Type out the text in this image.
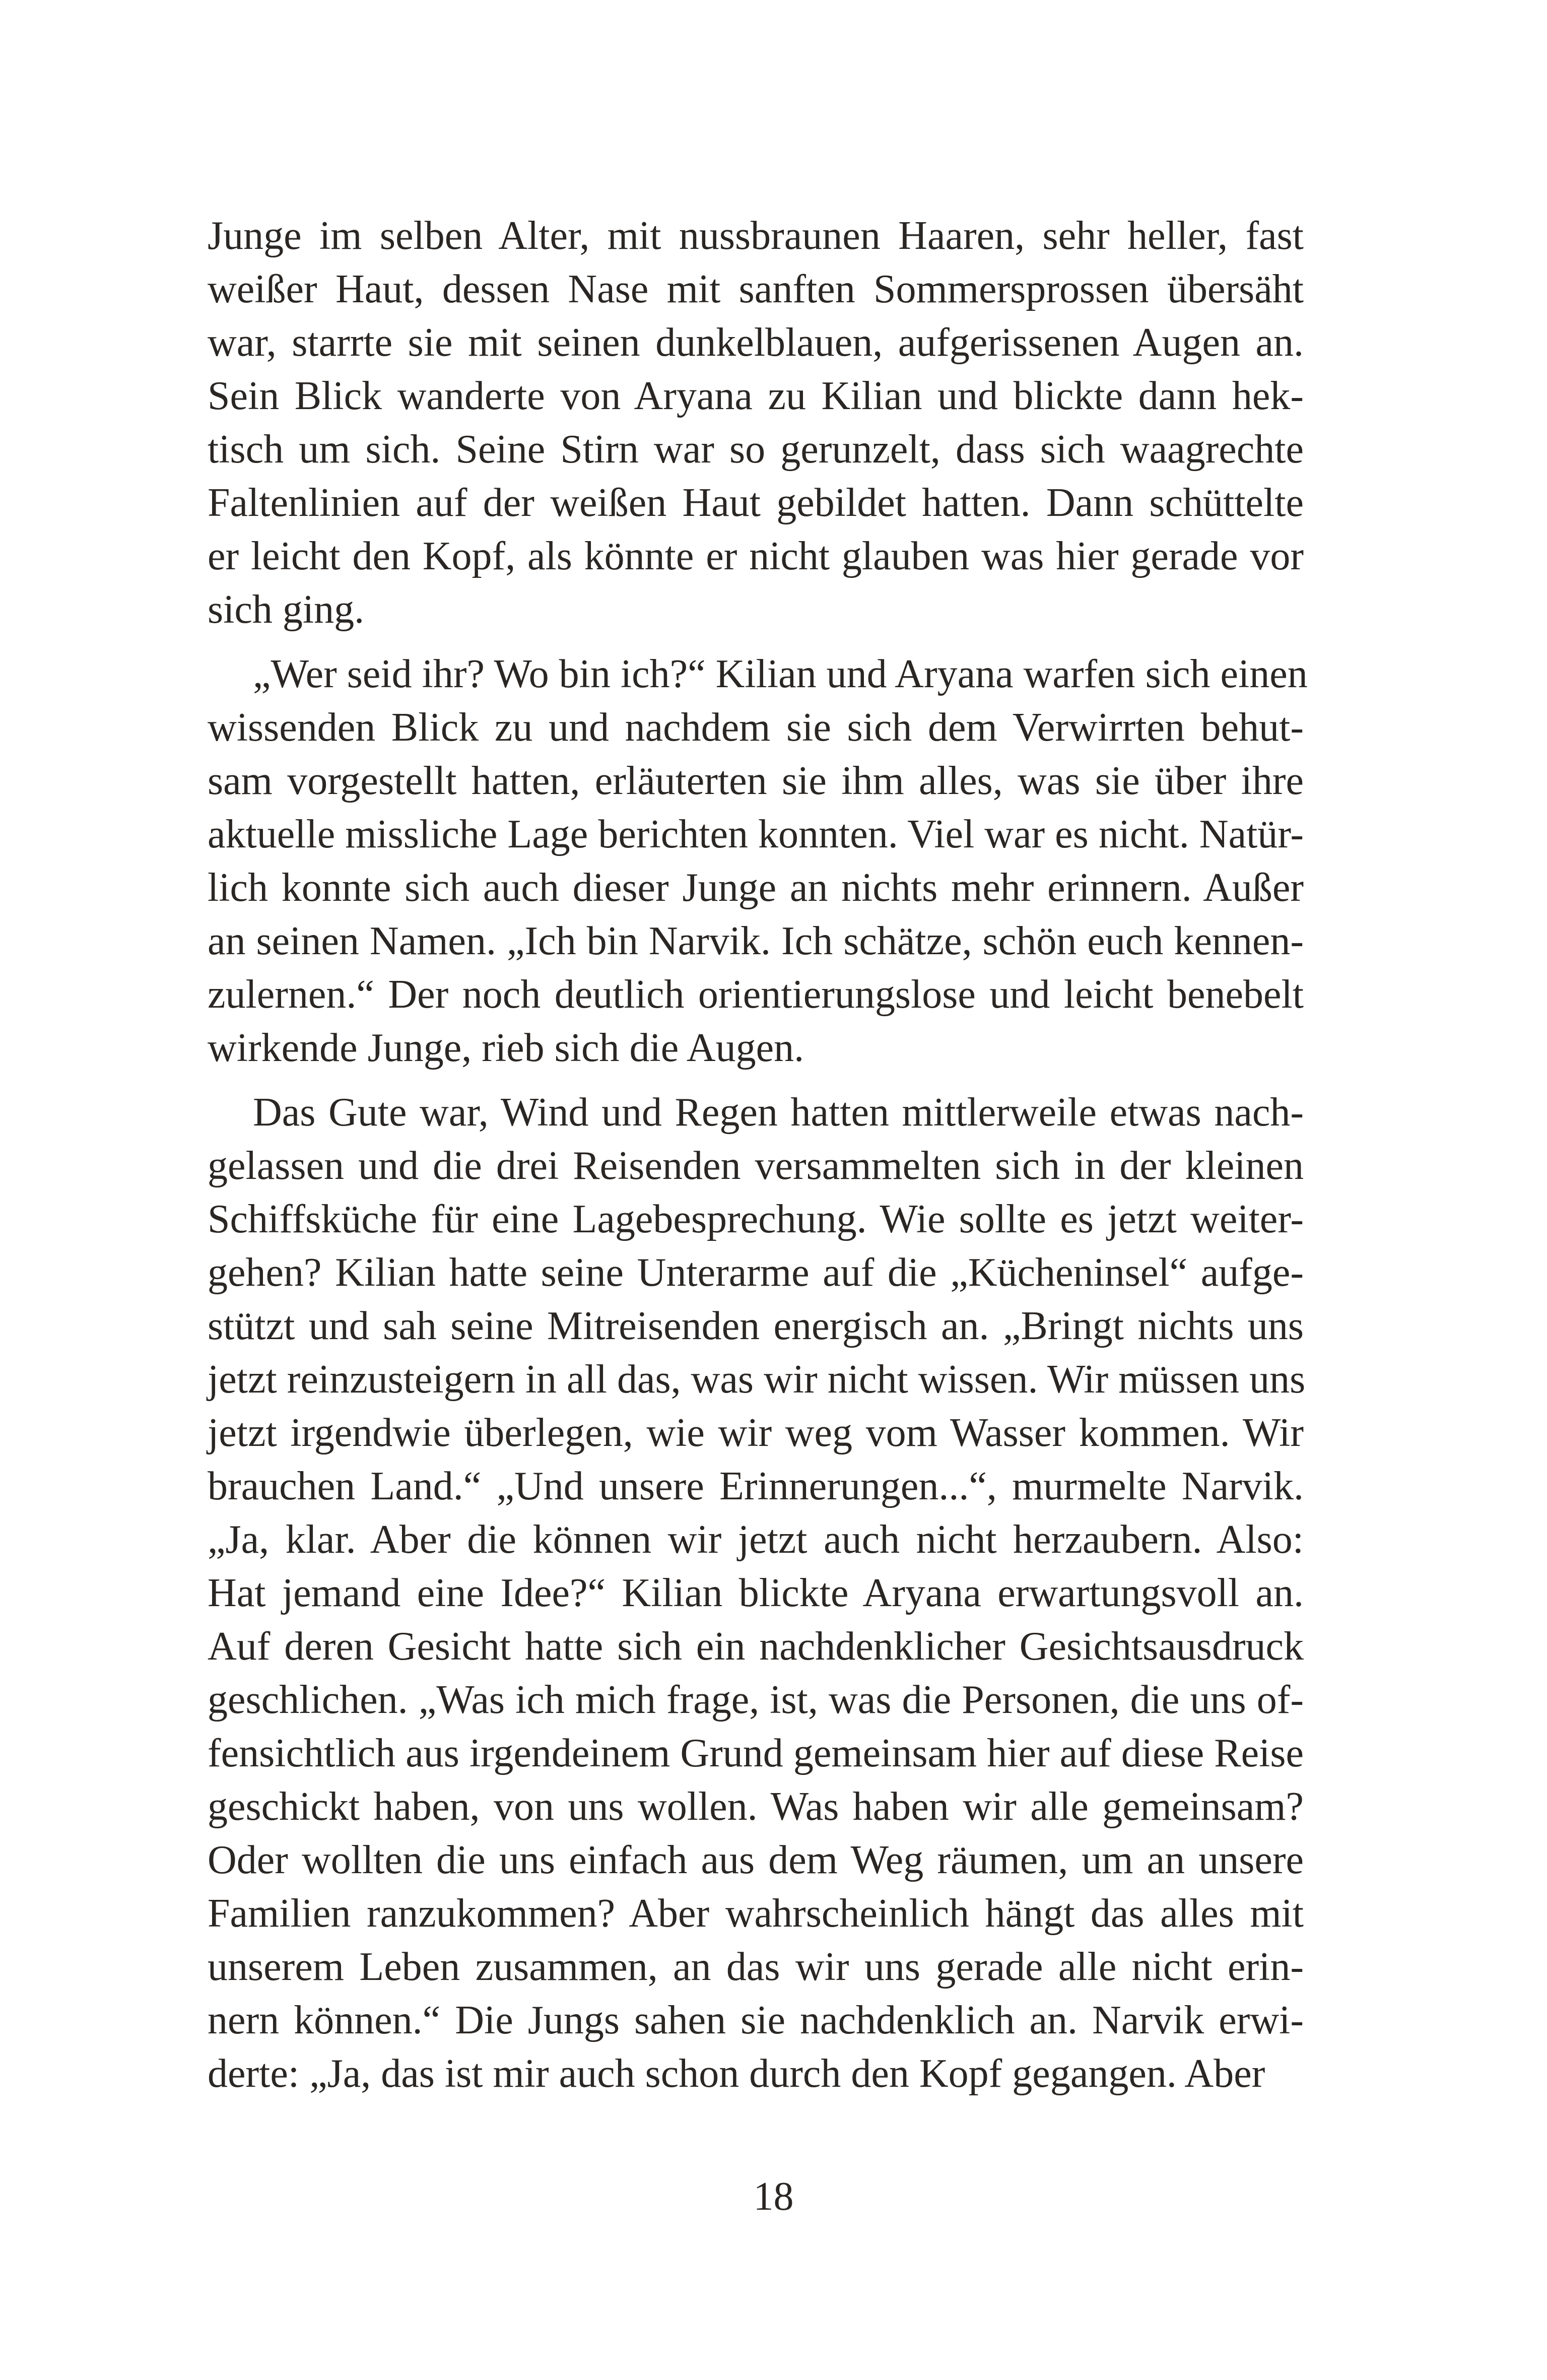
Junge im selben Alter, mit nussbraunen Haaren, sehr heller, fast
weißer Haut, dessen Nase mit sanften Sommersprossen übersäht
war, starrte sie mit seinen dunkelblauen, aufgerissenen Augen an.
Sein Blick wanderte von Aryana zu Kilian und blickte dann hek-
tisch um sich. Seine Stirn war so gerunzelt, dass sich waagrechte
Faltenlinien auf der weißen Haut gebildet hatten. Dann schüttelte
er leicht den Kopf, als könnte er nicht glauben was hier gerade vor
sich ging.
„Wer seid ihr? Wo bin ich?“ Kilian und Aryana warfen sich einen
wissenden Blick zu und nachdem sie sich dem Verwirrten behut-
sam vorgestellt hatten, erläuterten sie ihm alles, was sie über ihre
aktuelle missliche Lage berichten konnten. Viel war es nicht. Natür-
lich konnte sich auch dieser Junge an nichts mehr erinnern. Außer
an seinen Namen. „Ich bin Narvik. Ich schätze, schön euch kennen-
zulernen.“ Der noch deutlich orientierungslose und leicht benebelt
wirkende Junge, rieb sich die Augen.
Das Gute war, Wind und Regen hatten mittlerweile etwas nach-
gelassen und die drei Reisenden versammelten sich in der kleinen
Schiffsküche für eine Lagebesprechung. Wie sollte es jetzt weiter-
gehen? Kilian hatte seine Unterarme auf die „Kücheninsel“ aufge-
stützt und sah seine Mitreisenden energisch an. „Bringt nichts uns
jetzt reinzusteigern in all das, was wir nicht wissen. Wir müssen uns
jetzt irgendwie überlegen, wie wir weg vom Wasser kommen. Wir
brauchen Land.“ „Und unsere Erinnerungen...“, murmelte Narvik.
„Ja, klar. Aber die können wir jetzt auch nicht herzaubern. Also:
Hat jemand eine Idee?“ Kilian blickte Aryana erwartungsvoll an.
Auf deren Gesicht hatte sich ein nachdenklicher Gesichtsausdruck
geschlichen. „Was ich mich frage, ist, was die Personen, die uns of-
fensichtlich aus irgendeinem Grund gemeinsam hier auf diese Reise
geschickt haben, von uns wollen. Was haben wir alle gemeinsam?
Oder wollten die uns einfach aus dem Weg räumen, um an unsere
Familien ranzukommen? Aber wahrscheinlich hängt das alles mit
unserem Leben zusammen, an das wir uns gerade alle nicht erin-
nern können.“ Die Jungs sahen sie nachdenklich an. Narvik erwi-
derte: „Ja, das ist mir auch schon durch den Kopf gegangen. Aber
18
